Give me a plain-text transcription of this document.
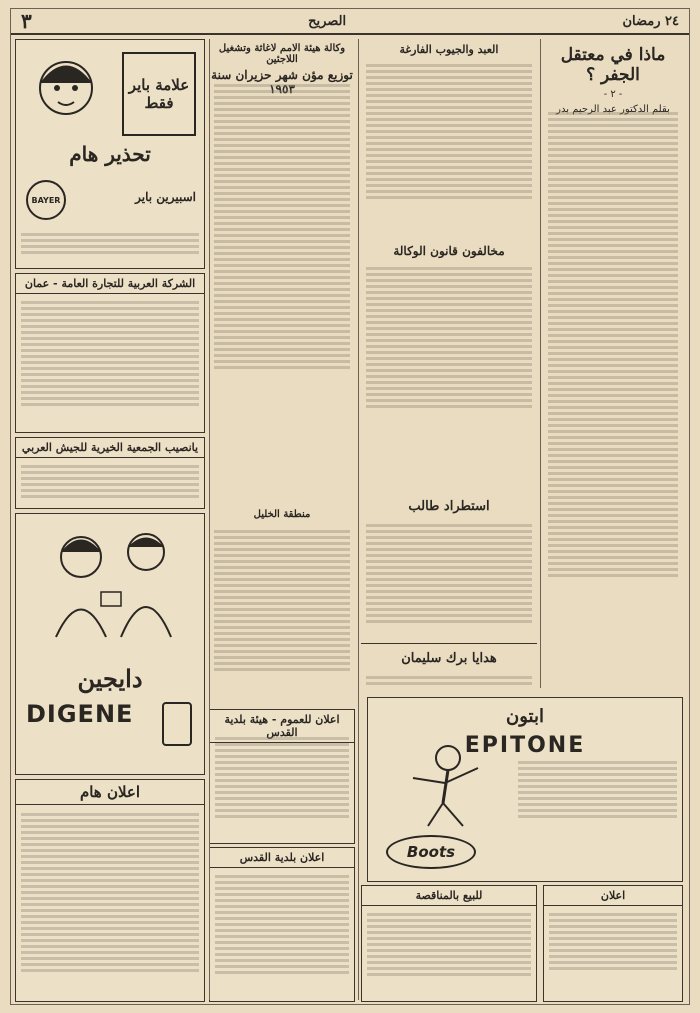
٢٤ رمضان
الصريح
٣
ماذا في معتقل الجفر ؟
- ٢ -
بقلم الدكتور عبد الرحيم بدر
ابتون
EPITONE
Boots
اعلان
العبد والجيوب الفارغة
مخالفون قانون الوكالة
استطراد طالب
هدايا برك سليمان
للبيع بالمناقصة
وكالة هيئة الامم لاغاثة وتشغيل اللاجئين
توزيع مؤن شهر حزيران سنة ١٩٥٣
منطقة الخليل
اعلان للعموم - هيئة بلدية القدس
اعلان بلدية القدس
علامة باير فقط
تحذير هام
BAYER	اسبيرين باير
الشركة العربية للتجارة العامة - عمان
يانصيب الجمعية الخيرية للجيش العربي
دايجين
DIGENE
اعلان هام
